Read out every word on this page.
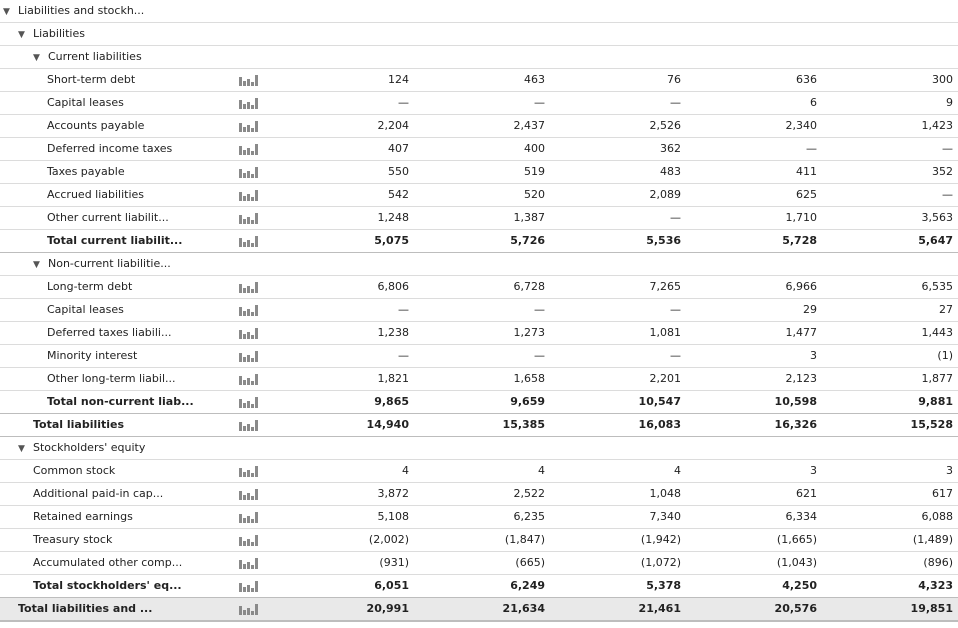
▼ Liabilities and stockh...
▼ Liabilities
▼ Current liabilities
Short-term debt	124	463	76	636	300
Capital leases	—	—	—	6	9
Accounts payable	2,204	2,437	2,526	2,340	1,423
Deferred income taxes	407	400	362	—	—
Taxes payable	550	519	483	411	352
Accrued liabilities	542	520	2,089	625	—
Other current liabilit...	1,248	1,387	—	1,710	3,563
Total current liabilit...	5,075	5,726	5,536	5,728	5,647
▼ Non-current liabilitie...
Long-term debt	6,806	6,728	7,265	6,966	6,535
Capital leases	—	—	—	29	27
Deferred taxes liabili...	1,238	1,273	1,081	1,477	1,443
Minority interest	—	—	—	3	(1)
Other long-term liabil...	1,821	1,658	2,201	2,123	1,877
Total non-current liab...	9,865	9,659	10,547	10,598	9,881
Total liabilities	14,940	15,385	16,083	16,326	15,528
▼ Stockholders' equity
Common stock	4	4	4	3	3
Additional paid-in cap...	3,872	2,522	1,048	621	617
Retained earnings	5,108	6,235	7,340	6,334	6,088
Treasury stock	(2,002)	(1,847)	(1,942)	(1,665)	(1,489)
Accumulated other comp...	(931)	(665)	(1,072)	(1,043)	(896)
Total stockholders' eq...	6,051	6,249	5,378	4,250	4,323
Total liabilities and ...	20,991	21,634	21,461	20,576	19,851
